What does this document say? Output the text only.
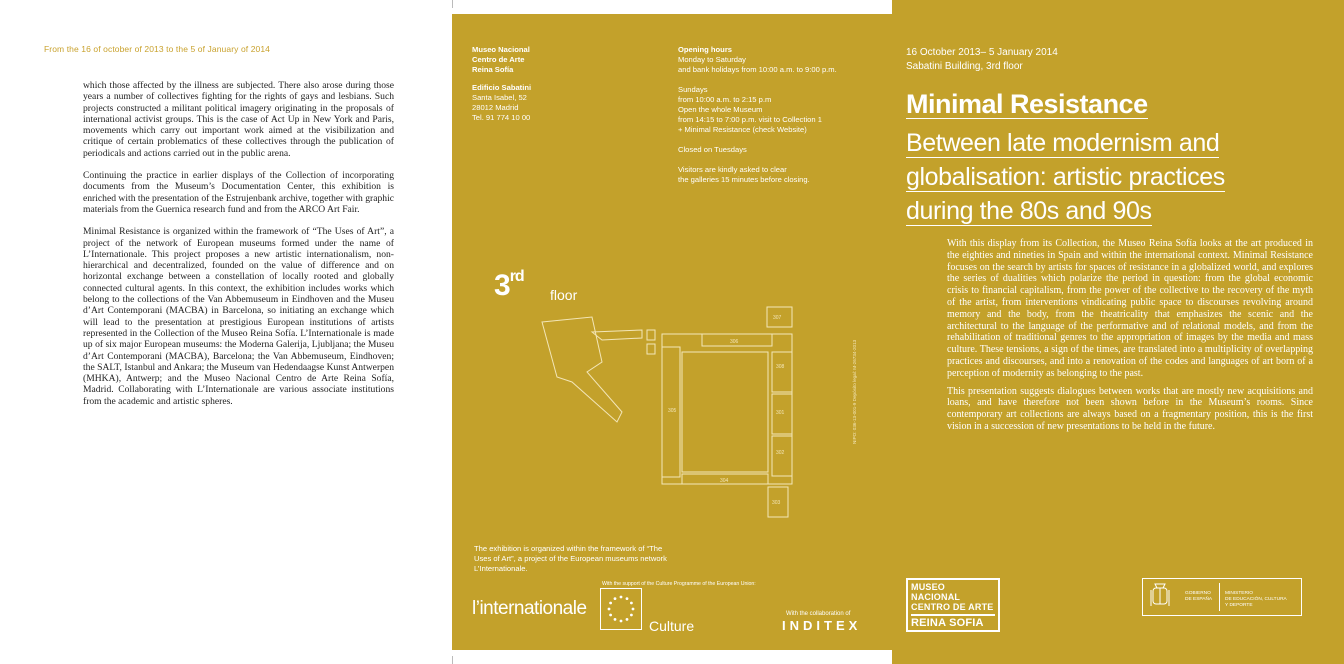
From the 16 of october of 2013 to the 5 of January of 2014

which those affected by the illness are subjected. There also arose during those years a number of collectives fighting for the rights of gays and lesbians. Such projects constructed a militant political imagery originating in the proposals of international activist groups. This is the case of Act Up in New York and Paris, movements which carry out important work aimed at the visibilization and critique of certain problematics of these collectives through the publication of periodicals and actions carried out in the public arena.

Continuing the practice in earlier displays of the Collection of incorporating documents from the Museum’s Documentation Center, this exhibition is enriched with the presentation of the Estrujenbank archive, together with graphic materials from the Guernica research fund and from the ARCO Art Fair.

Minimal Resistance is organized within the framework of “The Uses of Art”, a project of the network of European museums formed under the name of L’Internationale. This project proposes a new artistic internationalism, non-hierarchical and decentralized, founded on the value of difference and on horizontal exchange between a constellation of locally rooted and globally connected cultural agents. In this context, the exhibition includes works which belong to the collections of the Van Abbemuseum in Eindhoven and the Museu d’Art Contemporani (MACBA) in Barcelona, so initiating an exchange which will lead to the presentation at prestigious European institutions of artists represented in the Collection of the Museo Reina Sofía. L’Internationale is made up of six major European museums: the Moderna Galerija, Ljubljana; the Museu d’Art Contemporani (MACBA), Barcelona; the Van Abbemuseum, Eindhoven; the SALT, Istanbul and Ankara; the Museum van Hedendaagse Kunst Antwerpen (MHKA), Antwerp; and the Museo Nacional Centro de Arte Reina Sofía, Madrid. Collaborating with L’Internationale are various associate institutions from the academic and artistic spheres.

Museo Nacional
Centro de Arte
Reina Sofía
Edificio Sabatini
Santa Isabel, 52
28012 Madrid
Tel. 91 774 10 00
Opening hours
Monday to Saturday
and bank holidays from 10:00 a.m. to 9:00 p.m.
Sundays
from 10:00 a.m. to 2:15 p.m
Open the whole Museum
from 14:15 to 7:00 p.m. visit to Collection 1
+ Minimal Resistance (check Website)
Closed on Tuesdays
Visitors are kindly asked to clear
the galleries 15 minutes before closing.
3rd
floor
307
306
305
304
303
302
301
308	NIPO: 036-13-001-9 Depósito legal: M-26734-2013
The exhibition is organized within the framework of “The Uses of Art”, a project of the European museums network L’Internationale.
With the support of the Culture Programme of the European Union:
l’internationale
Culture
With the collaboration of
INDITEX
16 October 2013– 5 January 2014
Sabatini Building, 3rd floor
Minimal Resistance
Between late modernism and
globalisation: artistic practices
during the 80s and 90s

With this display from its Collection, the Museo Reina Sofía looks at the art produced in the eighties and nineties in Spain and within the international context. Minimal Resistance focuses on the search by artists for spaces of resistance in a globalized world, and explores the series of dualities which polarize the period in question: from the global economic crisis to financial capitalism, from the power of the collective to the recovery of the myth of the artist, from interventions vindicating public space to discourses revolving around memory and the body, from the theatricality that emphasizes the scenic and the architectural to the language of the performative and of relational models, and from the rehabilitation of traditional genres to the appropriation of images by the media and mass culture. These tensions, a sign of the times, are translated into a multiplicity of overlapping practices and discourses, and into a renovation of the codes and languages of art born of a perception of modernity as belonging to the past.

This presentation suggests dialogues between works that are mostly new acquisitions and loans, and have therefore not been shown before in the Museum’s rooms. Since contemporary art collections are always based on a fragmentary position, this is the first vision in a succession of new presentations to be held in the future.

MUSEO NACIONAL
CENTRO DE ARTE
REINA SOFIA
GOBIERNO
DE ESPAÑA
MINISTERIO
DE EDUCACIÓN, CULTURA
Y DEPORTE
